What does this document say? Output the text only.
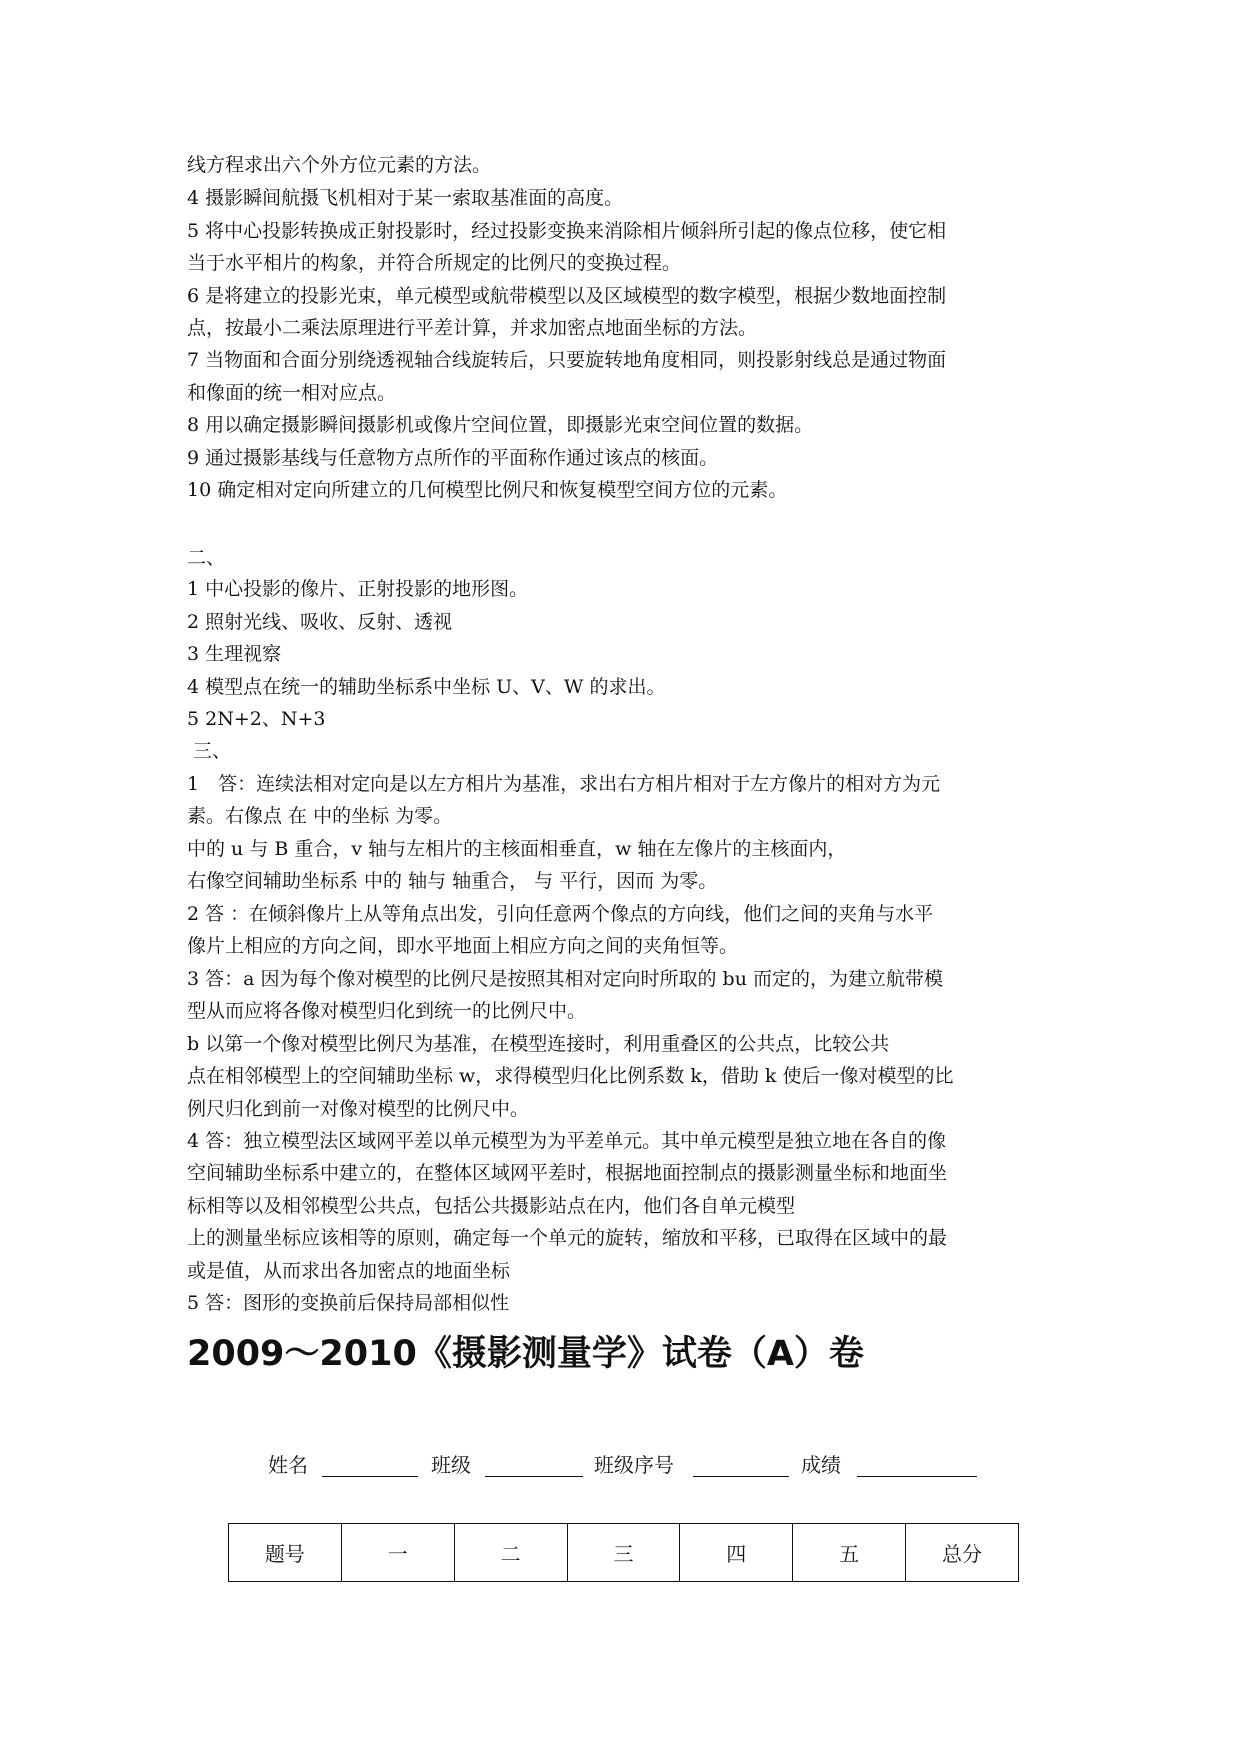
线方程求出六个外方位元素的方法。
4 摄影瞬间航摄飞机相对于某一索取基准面的高度。
5 将中心投影转换成正射投影时，经过投影变换来消除相片倾斜所引起的像点位移，使它相
当于水平相片的构象，并符合所规定的比例尺的变换过程。
6 是将建立的投影光束，单元模型或航带模型以及区域模型的数字模型，根据少数地面控制
点，按最小二乘法原理进行平差计算，并求加密点地面坐标的方法。
7 当物面和合面分别绕透视轴合线旋转后，只要旋转地角度相同，则投影射线总是通过物面
和像面的统一相对应点。
8 用以确定摄影瞬间摄影机或像片空间位置，即摄影光束空间位置的数据。
9 通过摄影基线与任意物方点所作的平面称作通过该点的核面。
10 确定相对定向所建立的几何模型比例尺和恢复模型空间方位的元素。
二、
1 中心投影的像片、正射投影的地形图。
2 照射光线、吸收、反射、透视
3 生理视察
4 模型点在统一的辅助坐标系中坐标 U、V、W 的求出。
5 2N+2、N+3
三、
1　答：连续法相对定向是以左方相片为基准，求出右方相片相对于左方像片的相对方为元
素。右像点 在 中的坐标 为零。
中的 u 与 B 重合，v 轴与左相片的主核面相垂直，w 轴在左像片的主核面内，
右像空间辅助坐标系 中的 轴与 轴重合， 与 平行，因而 为零。
2 答 ：在倾斜像片上从等角点出发，引向任意两个像点的方向线，他们之间的夹角与水平
像片上相应的方向之间，即水平地面上相应方向之间的夹角恒等。
3 答：a 因为每个像对模型的比例尺是按照其相对定向时所取的 bu 而定的，为建立航带模
型从而应将各像对模型归化到统一的比例尺中。
b 以第一个像对模型比例尺为基准，在模型连接时，利用重叠区的公共点，比较公共
点在相邻模型上的空间辅助坐标 w，求得模型归化比例系数 k，借助 k 使后一像对模型的比
例尺归化到前一对像对模型的比例尺中。
4 答：独立模型法区域网平差以单元模型为为平差单元。其中单元模型是独立地在各自的像
空间辅助坐标系中建立的，在整体区域网平差时，根据地面控制点的摄影测量坐标和地面坐
标相等以及相邻模型公共点，包括公共摄影站点在内，他们各自单元模型
上的测量坐标应该相等的原则，确定每一个单元的旋转，缩放和平移，已取得在区域中的最
或是值，从而求出各加密点的地面坐标
5 答：图形的变换前后保持局部相似性
2009～2010《摄影测量学》试卷（A）卷
姓名	班级	班级序号	成绩
题号	一	二	三	四	五	总分
